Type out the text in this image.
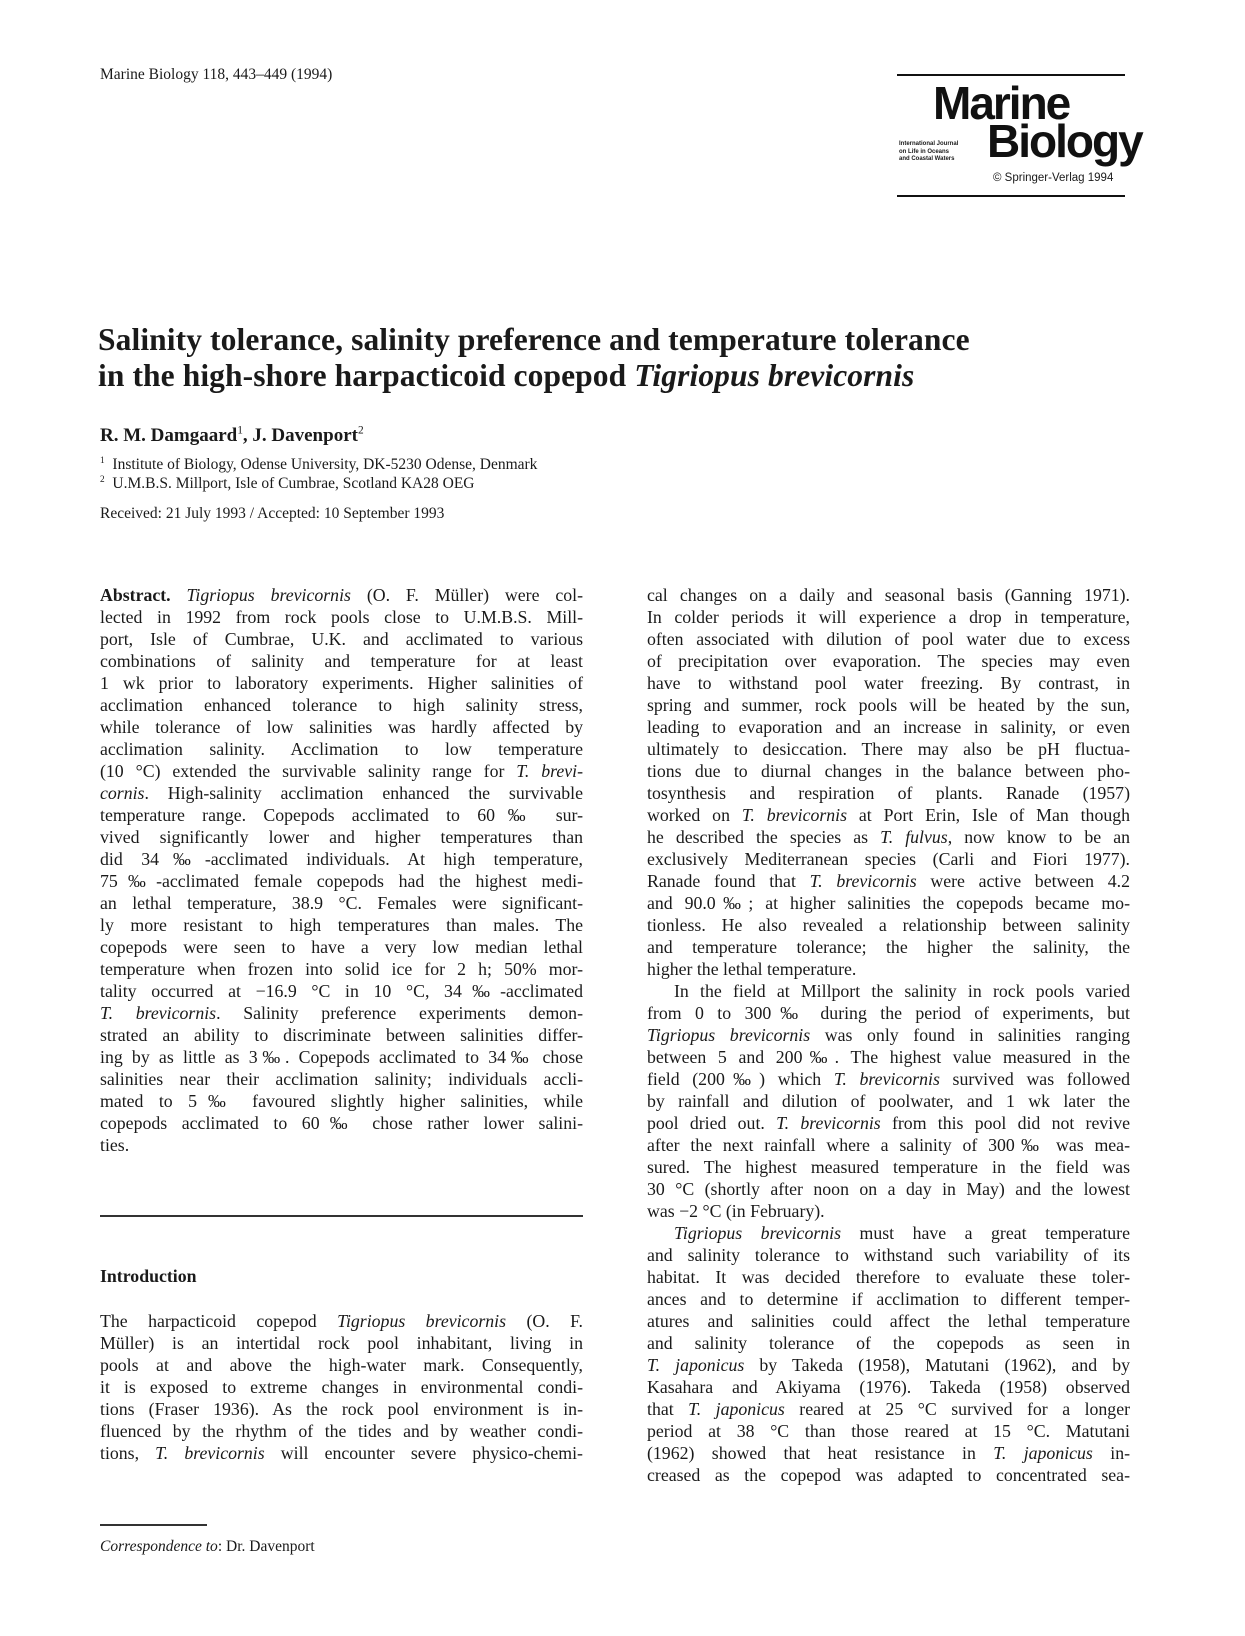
Marine Biology 118, 443–449 (1994)
Marine
International Journal
on Life in Oceans
and Coastal Waters Biology
© Springer-Verlag 1994
Salinity tolerance, salinity preference and temperature tolerance
in the high-shore harpacticoid copepod Tigriopus brevicornis
R. M. Damgaard$^1$, J. Davenport$^2$
$^1$ Institute of Biology, Odense University, DK-5230 Odense, Denmark
$^2$ U.M.B.S. Millport, Isle of Cumbrae, Scotland KA28 OEG
Received: 21 July 1993 / Accepted: 10 September 1993
Abstract. Tigriopus brevicornis (O. F. Müller) were col-
lected in 1992 from rock pools close to U.M.B.S. Mill-
port, Isle of Cumbrae, U.K. and acclimated to various
combinations of salinity and temperature for at least
1 wk prior to laboratory experiments. Higher salinities of
acclimation enhanced tolerance to high salinity stress,
while tolerance of low salinities was hardly affected by
acclimation salinity. Acclimation to low temperature
(10 °C) extended the survivable salinity range for T. brevi-
cornis. High-salinity acclimation enhanced the survivable
temperature range. Copepods acclimated to 60‰ sur-
vived significantly lower and higher temperatures than
did 34‰-acclimated individuals. At high temperature,
75‰-acclimated female copepods had the highest medi-
an lethal temperature, 38.9 °C. Females were significant-
ly more resistant to high temperatures than males. The
copepods were seen to have a very low median lethal
temperature when frozen into solid ice for 2 h; 50% mor-
tality occurred at −16.9 °C in 10 °C, 34‰-acclimated
T. brevicornis. Salinity preference experiments demon-
strated an ability to discriminate between salinities differ-
ing by as little as 3‰. Copepods acclimated to 34‰ chose
salinities near their acclimation salinity; individuals accli-
mated to 5‰ favoured slightly higher salinities, while
copepods acclimated to 60‰ chose rather lower salini-
ties.
Introduction
The harpacticoid copepod Tigriopus brevicornis (O. F.
Müller) is an intertidal rock pool inhabitant, living in
pools at and above the high-water mark. Consequently,
it is exposed to extreme changes in environmental condi-
tions (Fraser 1936). As the rock pool environment is in-
fluenced by the rhythm of the tides and by weather condi-
tions, T. brevicornis will encounter severe physico-chemi-
cal changes on a daily and seasonal basis (Ganning 1971).
In colder periods it will experience a drop in temperature,
often associated with dilution of pool water due to excess
of precipitation over evaporation. The species may even
have to withstand pool water freezing. By contrast, in
spring and summer, rock pools will be heated by the sun,
leading to evaporation and an increase in salinity, or even
ultimately to desiccation. There may also be pH fluctua-
tions due to diurnal changes in the balance between pho-
tosynthesis and respiration of plants. Ranade (1957)
worked on T. brevicornis at Port Erin, Isle of Man though
he described the species as T. fulvus, now know to be an
exclusively Mediterranean species (Carli and Fiori 1977).
Ranade found that T. brevicornis were active between 4.2
and 90.0‰; at higher salinities the copepods became mo-
tionless. He also revealed a relationship between salinity
and temperature tolerance; the higher the salinity, the
higher the lethal temperature.
In the field at Millport the salinity in rock pools varied
from 0 to 300‰ during the period of experiments, but
Tigriopus brevicornis was only found in salinities ranging
between 5 and 200‰. The highest value measured in the
field (200‰) which T. brevicornis survived was followed
by rainfall and dilution of poolwater, and 1 wk later the
pool dried out. T. brevicornis from this pool did not revive
after the next rainfall where a salinity of 300‰ was mea-
sured. The highest measured temperature in the field was
30 °C (shortly after noon on a day in May) and the lowest
was −2 °C (in February).
Tigriopus brevicornis must have a great temperature
and salinity tolerance to withstand such variability of its
habitat. It was decided therefore to evaluate these toler-
ances and to determine if acclimation to different temper-
atures and salinities could affect the lethal temperature
and salinity tolerance of the copepods as seen in
T. japonicus by Takeda (1958), Matutani (1962), and by
Kasahara and Akiyama (1976). Takeda (1958) observed
that T. japonicus reared at 25 °C survived for a longer
period at 38 °C than those reared at 15 °C. Matutani
(1962) showed that heat resistance in T. japonicus in-
creased as the copepod was adapted to concentrated sea-
Correspondence to: Dr. Davenport
